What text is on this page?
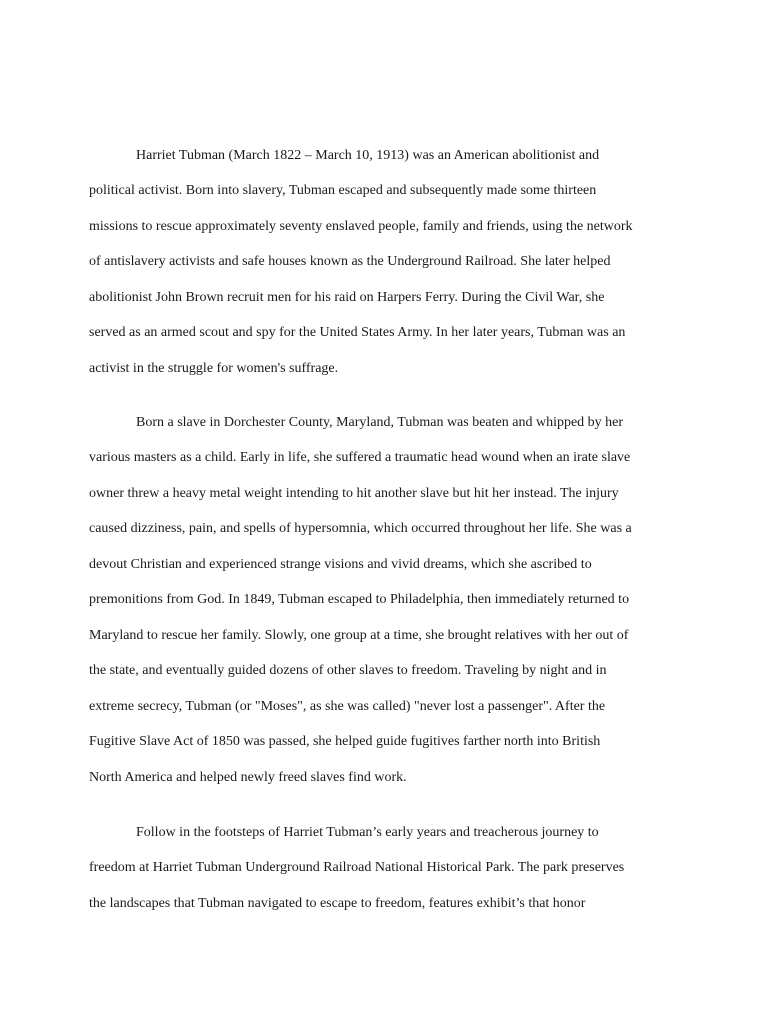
Harriet Tubman (March 1822 – March 10, 1913) was an American abolitionist and
political activist. Born into slavery, Tubman escaped and subsequently made some thirteen
missions to rescue approximately seventy enslaved people, family and friends, using the network
of antislavery activists and safe houses known as the Underground Railroad. She later helped
abolitionist John Brown recruit men for his raid on Harpers Ferry. During the Civil War, she
served as an armed scout and spy for the United States Army. In her later years, Tubman was an
activist in the struggle for women's suffrage.
Born a slave in Dorchester County, Maryland, Tubman was beaten and whipped by her
various masters as a child. Early in life, she suffered a traumatic head wound when an irate slave
owner threw a heavy metal weight intending to hit another slave but hit her instead. The injury
caused dizziness, pain, and spells of hypersomnia, which occurred throughout her life. She was a
devout Christian and experienced strange visions and vivid dreams, which she ascribed to
premonitions from God. In 1849, Tubman escaped to Philadelphia, then immediately returned to
Maryland to rescue her family. Slowly, one group at a time, she brought relatives with her out of
the state, and eventually guided dozens of other slaves to freedom. Traveling by night and in
extreme secrecy, Tubman (or "Moses", as she was called) "never lost a passenger". After the
Fugitive Slave Act of 1850 was passed, she helped guide fugitives farther north into British
North America and helped newly freed slaves find work.
Follow in the footsteps of Harriet Tubman’s early years and treacherous journey to
freedom at Harriet Tubman Underground Railroad National Historical Park. The park preserves
the landscapes that Tubman navigated to escape to freedom, features exhibit’s that honor
